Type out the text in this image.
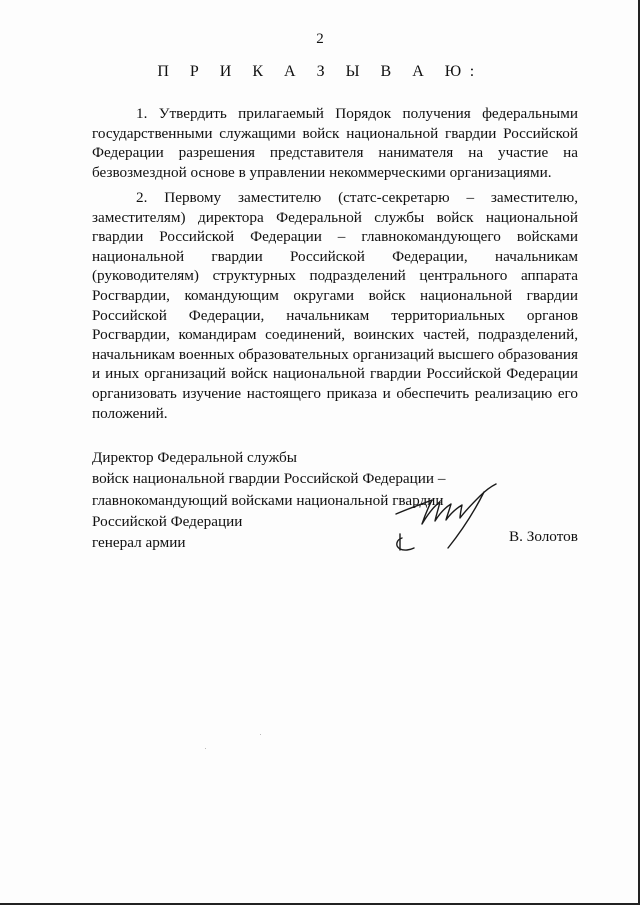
2
П Р И К А З Ы В А Ю:

1. Утвердить прилагаемый Порядок получения федеральными государственными служащими войск национальной гвардии Российской Федерации разрешения представителя нанимателя на участие на безвозмездной основе в управлении некоммерческими организациями.

2. Первому заместителю (статс-секретарю – заместителю, заместителям) директора Федеральной службы войск национальной гвардии Российской Федерации – главнокомандующего войсками национальной гвардии Российской Федерации, начальникам (руководителям) структурных подразделений центрального аппарата Росгвардии, командующим округами войск национальной гвардии Российской Федерации, начальникам территориальных органов Росгвардии, командирам соединений, воинских частей, подразделений, начальникам военных образовательных организаций высшего образования и иных организаций войск национальной гвардии Российской Федерации организовать изучение настоящего приказа и обеспечить реализацию его положений.

Директор Федеральной службы
войск национальной гвардии Российской Федерации –
главнокомандующий войсками национальной гвардии
Российской Федерации
генерал армии	В. Золотов
